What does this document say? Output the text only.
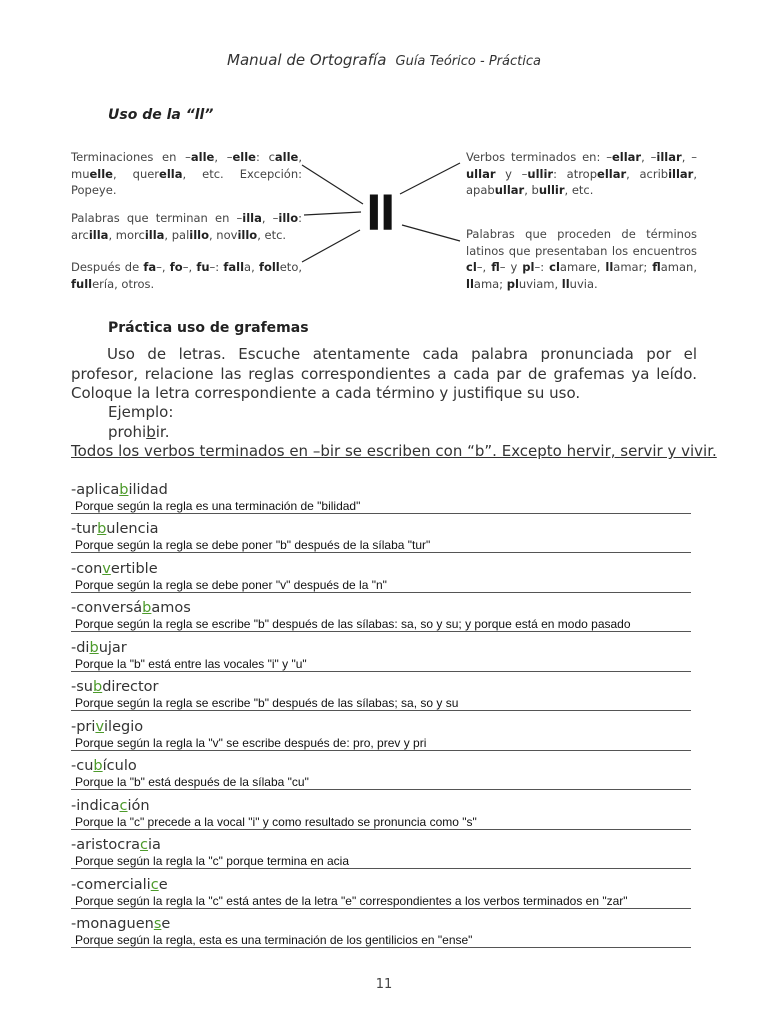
Manual de Ortografía Guía Teórico - Práctica
Uso de la “ll”
Terminaciones en –alle, –elle: calle, muelle, querella, etc. Excepción: Popeye.
Palabras que terminan en –illa, –illo: arcilla, morcilla, palillo, novillo, etc.
Después de fa–, fo–, fu–: falla, folleto, fullería, otros.
Verbos terminados en: –ellar, –illar, –ullar y –ullir: atropellar, acribillar, apabullar, bullir, etc.
Palabras que proceden de términos latinos que presentaban los encuentros cl–, fl– y pl–: clamare, llamar; flaman, llama; pluviam, lluvia.
ll
Práctica uso de grafemas
Uso de letras. Escuche atentamente cada palabra pronunciada por el profesor, relacione las reglas correspondientes a cada par de grafemas ya leído. Coloque la letra correspondiente a cada término y justifique su uso.
Ejemplo:
prohibir.
Todos los verbos terminados en –bir se escriben con “b”. Excepto hervir, servir y vivir.
-aplicabilidad
Porque según la regla es una terminación de "bilidad"
-turbulencia
Porque según la regla se debe poner "b" después de la sílaba "tur"
-convertible
Porque según la regla se debe poner "v" después de la "n"
-conversábamos
Porque según la regla se escribe "b" después de las sílabas: sa, so y su; y porque está en modo pasado
-dibujar
Porque la "b" está entre las vocales "i" y "u"
-subdirector
Porque según la regla se escribe "b" después de las sílabas; sa, so y su
-privilegio
Porque según la regla la "v" se escribe después de: pro, prev y pri
-cubículo
Porque la "b" está después de la sílaba "cu"
-indicación
Porque la "c" precede a la vocal "i" y como resultado se pronuncia como "s"
-aristocracia
Porque según la regla la "c" porque termina en acia
-comercialice
Porque según la regla la "c" está antes de la letra "e" correspondientes a los verbos terminados en "zar"
-monaguense
Porque según la regla, esta es una terminación de los gentilicios en "ense"
11
